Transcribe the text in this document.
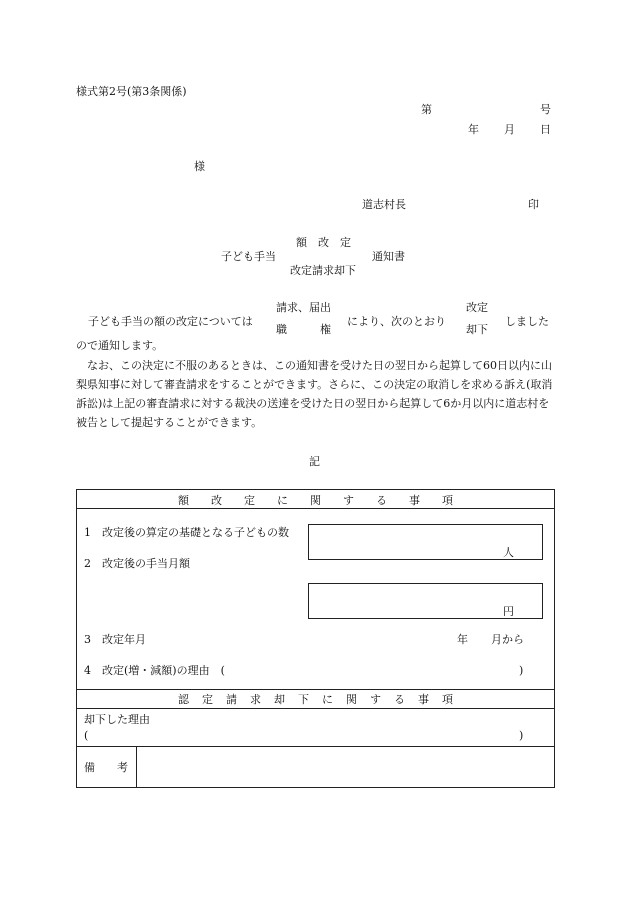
様式第2号(第3条関係)
第	号
年 月 日
様
道志村長	印
額　改　定
子ども手当	通知書
改定請求却下
請求、届出	改定
子ども手当の額の改定については	により、次のとおり	しました
職　　　権	却下
ので通知します。
なお、この決定に不服のあるときは、この通知書を受けた日の翌日から起算して60日以内に山梨県知事に対して審査請求をすることができます。さらに、この決定の取消しを求める訴え(取消訴訟)は上記の審査請求に対する裁決の送達を受けた日の翌日から起算して6か月以内に道志村を被告として提起することができます。
記
額改定に関する事項
1　改定後の算定の基礎となる子どもの数
人
2　改定後の手当月額
円
3　改定年月	年 月から
4　改定(増・減額)の理由　(	)
認定請求却下に関する事項
却下した理由
(	)
備　　考
